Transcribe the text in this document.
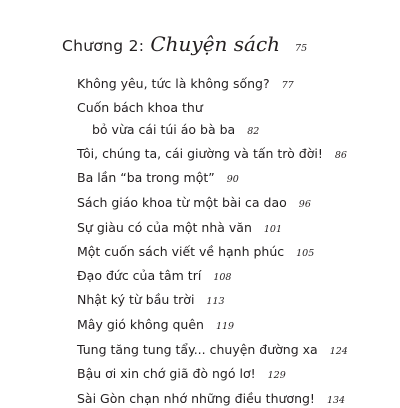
Chương 2: Chuyện sách 75
Không yêu, tức là không sống? 77
Cuốn bách khoa thư
bỏ vừa cái túi áo bà ba 82
Tôi, chúng ta, cái giường và tấn trò đời! 86
Ba lần “ba trong một” 90
Sách giáo khoa từ một bài ca dao 96
Sự giàu có của một nhà văn 101
Một cuốn sách viết về hạnh phúc 105
Đạo đức của tâm trí 108
Nhật ký từ bầu trời 113
Mây gió không quên 119
Tung tăng tung tẩy... chuyện đường xa 124
Bậu ơi xin chớ giã đò ngó lơ! 129
Sài Gòn chạn nhớ những điều thương! 134
